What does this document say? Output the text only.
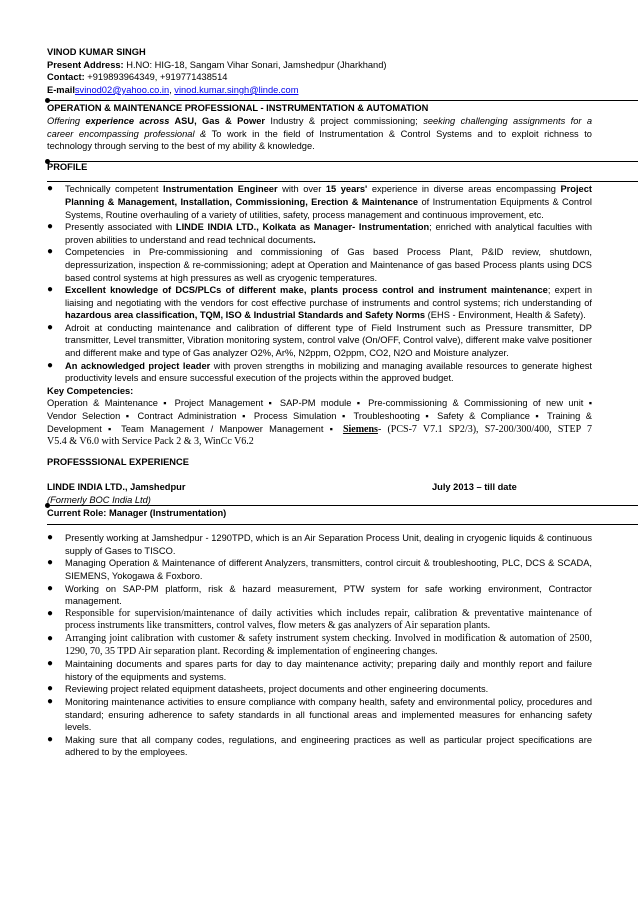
VINOD KUMAR SINGH
Present Address: H.NO: HIG-18, Sangam Vihar Sonari, Jamshedpur (Jharkhand)
Contact: +919893964349, +919771438514
E-mailsvinod02@yahoo.co.in, vinod.kumar.singh@linde.com
OPERATION & MAINTENANCE PROFESSIONAL - INSTRUMENTATION & AUTOMATION
Offering experience across ASU, Gas & Power Industry & project commissioning; seeking challenging assignments for a
career encompassing professional & To work in the field of Instrumentation & Control Systems and to exploit richness to
technology through serving to the best of my ability & knowledge.
PROFILE
● Technically competent Instrumentation Engineer with over 15 years' experience in diverse areas encompassing Project Planning & Management, Installation, Commissioning, Erection & Maintenance of Instrumentation Equipments & Control Systems, Routine overhauling of a variety of utilities, safety, process management and continuous improvement, etc.
● Presently associated with LINDE INDIA LTD., Kolkata as Manager- Instrumentation; enriched with analytical faculties with proven abilities to understand and read technical documents.
● Competencies in Pre-commissioning and commissioning of Gas based Process Plant, P&ID review, shutdown, depressurization, inspection & re-commissioning; adept at Operation and Maintenance of gas based Process plants using DCS based control systems at high pressures as well as cryogenic temperatures.
● Excellent knowledge of DCS/PLCs of different make, plants process control and instrument maintenance; expert in liaising and negotiating with the vendors for cost effective purchase of instruments and control systems; rich understanding of hazardous area classification, TQM, ISO & Industrial Standards and Safety Norms (EHS - Environment, Health & Safety).
● Adroit at conducting maintenance and calibration of different type of Field Instrument such as Pressure transmitter, DP transmitter, Level transmitter, Vibration monitoring system, control valve (On/OFF, Control valve), different make valve positioner and different make and type of Gas analyzer O2%, Ar%, N2ppm, O2ppm, CO2, N2O and Moisture analyzer.
● An acknowledged project leader with proven strengths in mobilizing and managing available resources to generate highest productivity levels and ensure successful execution of the projects within the approved budget.
Key Competencies:
Operation & Maintenance ▪ Project Management ▪ SAP-PM module ▪ Pre-commissioning & Commissioning of new unit ▪
Vendor Selection ▪ Contract Administration ▪ Process Simulation ▪ Troubleshooting ▪ Safety & Compliance ▪ Training &
Development ▪ Team Management / Manpower Management ▪ Siemens- (PCS-7 V7.1 SP2/3), S7-200/300/400, STEP 7
V5.4 & V6.0 with Service Pack 2 & 3, WinCc V6.2
PROFESSSIONAL EXPERIENCE
LINDE INDIA LTD., Jamshedpur	July 2013 – till date
(Formerly BOC India Ltd)
Current Role: Manager (Instrumentation)
● Presently working at Jamshedpur - 1290TPD, which is an Air Separation Process Unit, dealing in cryogenic liquids & continuous supply of Gases to TISCO.
● Managing Operation & Maintenance of different Analyzers, transmitters, control circuit & troubleshooting, PLC, DCS & SCADA, SIEMENS, Yokogawa & Foxboro.
● Working on SAP-PM platform, risk & hazard measurement, PTW system for safe working environment, Contractor management.
● Responsible for supervision/maintenance of daily activities which includes repair, calibration & preventative maintenance of process instruments like transmitters, control valves, flow meters & gas analyzers of Air separation plants.
● Arranging joint calibration with customer & safety instrument system checking. Involved in modification & automation of 2500, 1290, 70, 35 TPD Air separation plant. Recording & implementation of engineering changes.
● Maintaining documents and spares parts for day to day maintenance activity; preparing daily and monthly report and failure history of the equipments and systems.
● Reviewing project related equipment datasheets, project documents and other engineering documents.
● Monitoring maintenance activities to ensure compliance with company health, safety and environmental policy, procedures and standard; ensuring adherence to safety standards in all functional areas and implemented measures for enhancing safety levels.
● Making sure that all company codes, regulations, and engineering practices as well as particular project specifications are adhered to by the employees.
